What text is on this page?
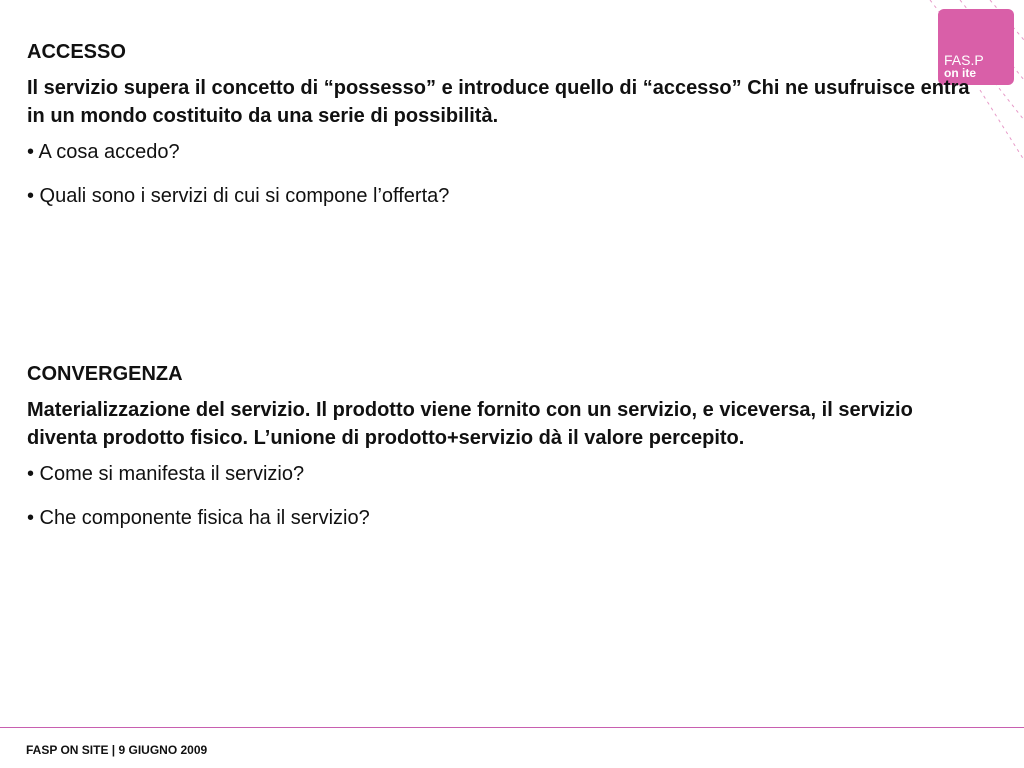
FAS.P
on ite
ACCESSO
Il servizio supera il concetto di “possesso” e introduce quello di “accesso” Chi ne usufruisce entra in un mondo costituito da una serie di possibilità.
• A cosa accedo?
• Quali sono i servizi di cui si compone l’offerta?
CONVERGENZA
Materializzazione del servizio. Il prodotto viene fornito con un servizio, e viceversa, il servizio diventa prodotto fisico. L’unione di prodotto+servizio dà il valore percepito.
• Come si manifesta il servizio?
• Che componente fisica ha il servizio?
FASP ON SITE | 9 GIUGNO 2009
